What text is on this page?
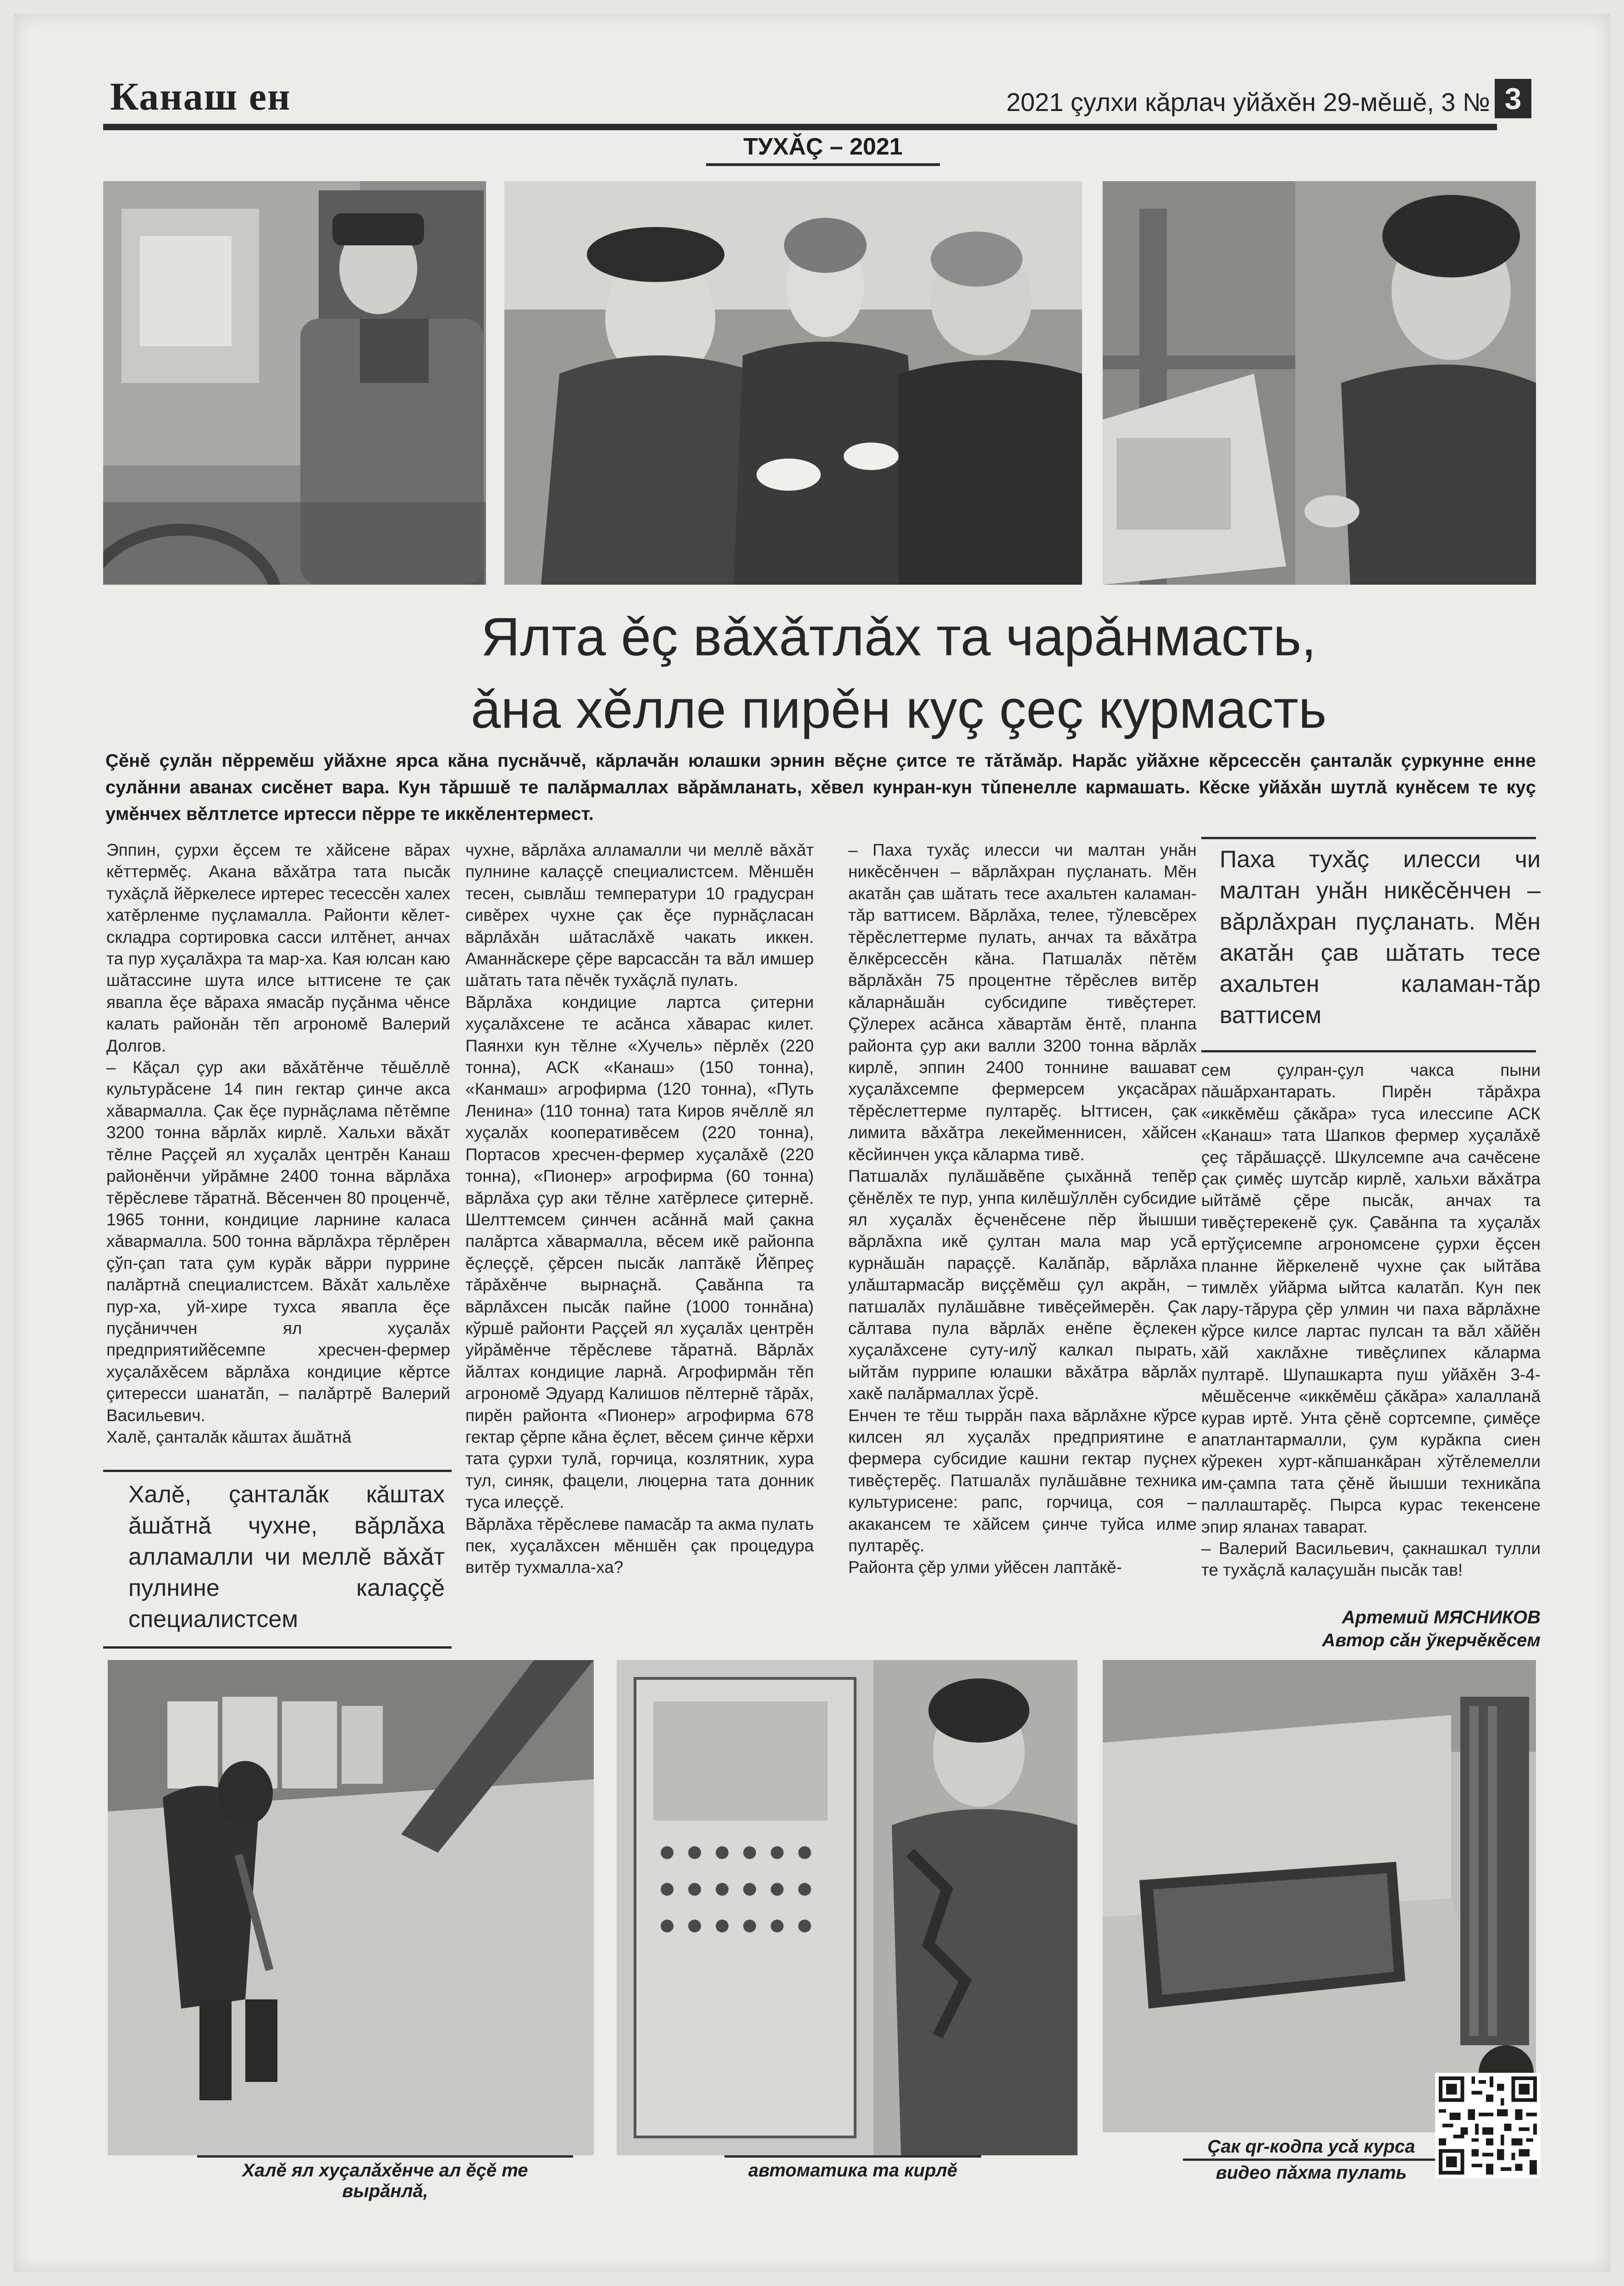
Канаш ен	2021 çулхи кǎрлач уйǎхěн 29-мěшě, 3 № 3
ТУХǍÇ – 2021
Ялта ěç вǎхǎтлǎх та чарǎнмасть,
ǎна хěлле пирěн куç çеç курмасть
Çěнě çулǎн пěрремěш уйǎхне ярса кǎна пуснǎччě, кǎрлачǎн юлашки эрнин вěçне çитсе те тǎтǎмǎр. Нарǎс уйǎхне кěрсессěн çанталǎк çуркунне енне сулǎнни аванах сисěнет вара. Кун тǎршшě те палǎрмаллах вǎрǎмланать, хěвел кунран-кун тǔпенелле кармашать. Кěске уйǎхǎн шутлǎ кунěсем те куç умěнчех вěлтлетсе иртесси пěрре те иккěлентермест.
Эппин, çурхи ěçсем те хǎйсене вǎрах кěттермěç. Акана вǎхǎтра тата пысǎк тухǎçлǎ йěркелесе иртерес тесессěн халех хатěрленме пуçламалла. Районти кěлет-складра сортировка сасси илтěнет, анчах та пур хуçалǎхра та мар-ха. Кая юлсан каю шǎтассине шута илсе ыттисене те çак явапла ěçе вǎраха ямасǎр пуçǎнма чěнсе калать районǎн тěп агрономě Валерий Долгов.
– Кǎçал çур аки вǎхǎтěнче тěшěллě культурǎсене 14 пин гектар çинче акса хǎвармалла. Çак ěçе пурнǎçлама пěтěмпе 3200 тонна вǎрлǎх кирлě. Хальхи вǎхǎт тěлне Раççей ял хуçалǎх центрěн Канаш районěнчи уйрǎмне 2400 тонна вǎрлǎха тěрěслеве тǎратнǎ. Вěсенчен 80 проценчě, 1965 тонни, кондицие ларнине каласа хǎвармалла. 500 тонна вǎрлǎхра тěрлěрен çўп-çап тата çум курǎк вǎрри пуррине палǎртнǎ специалистсем. Вǎхǎт хальлěхе пур-ха, уй-хире тухса явапла ěçе пуçǎниччен ял хуçалǎх предприятийěсемпе хресчен-фермер хуçалǎхěсем вǎрлǎха кондицие кěртсе çитересси шанатǎп, – палǎртрě Валерий Васильевич.
Халě, çанталǎк кǎштах ǎшǎтнǎ
чухне, вǎрлǎха алламалли чи меллě вǎхǎт пулнине калаççě специалистсем. Мěншěн тесен, сывлǎш температури 10 градусран сивěрех чухне çак ěçе пурнǎçласан вǎрлǎхǎн шǎтаслǎхě чакать иккен. Аманнǎскере çěре варсассǎн та вǎл имшер шǎтать тата пěчěк тухǎçлǎ пулать.
Вǎрлǎха кондицие лартса çитерни хуçалǎхсене те асǎнса хǎварас килет. Паянхи кун тěлне «Хучель» пěрлěх (220 тонна), АСК «Канаш» (150 тонна), «Канмаш» агрофирма (120 тонна), «Путь Ленина» (110 тонна) тата Киров ячěллě ял хуçалǎх кооперативěсем (220 тонна), Портасов хресчен-фермер хуçалǎхě (220 тонна), «Пионер» агрофирма (60 тонна) вǎрлǎха çур аки тěлне хатěрлесе çитернě. Шелттемсем çинчен асǎннǎ май çакна палǎртса хǎвармалла, вěсем икě районпа ěçлеççě, çěрсен пысǎк лаптǎкě Йěпреç тǎрǎхěнче вырнаçнǎ. Çавǎнпа та вǎрлǎхсен пысǎк пайне (1000 тоннǎна) кўршě районти Раççей ял хуçалǎх центрěн уйрǎмěнче тěрěслеве тǎратнǎ. Вǎрлǎх йǎлтах кондицие ларнǎ. Агрофирмǎн тěп агрономě Эдуард Калишов пěлтернě тǎрǎх, пирěн районта «Пионер» агрофирма 678 гектар çěрпе кǎна ěçлет, вěсем çинче кěрхи тата çурхи тулǎ, горчица, козлятник, хура тул, синяк, фацели, люцерна тата донник туса илеççě.
Вǎрлǎха тěрěслеве памасǎр та акма пулать пек, хуçалǎхсен мěншěн çак процедура витěр тухмалла-ха?
– Паха тухǎç илесси чи малтан унǎн никěсěнчен – вǎрлǎхран пуçланать. Мěн акатǎн çав шǎтать тесе ахальтен каламан-тǎр ваттисем. Вǎрлǎха, телее, тўлевсěрех тěрěслеттерме пулать, анчах та вǎхǎтра ěлкěрсессěн кǎна. Патшалǎх пěтěм вǎрлǎхǎн 75 процентне тěрěслев витěр кǎларнǎшǎн субсидипе тивěçтерет. Çўлерех асǎнса хǎвартǎм ěнтě, планпа районта çур аки валли 3200 тонна вǎрлǎх кирлě, эппин 2400 тоннине вашават хуçалǎхсемпе фермерсем укçасǎрах тěрěслеттерме пултарěç. Ыттисен, çак лимита вǎхǎтра лекейменнисен, хǎйсен кěсйинчен укçа кǎларма тивě.
Патшалǎх пулǎшǎвěпе çыхǎннǎ тепěр çěнěлěх те пур, унпа килěшўллěн субсидие ял хуçалǎх ěçченěсене пěр йышши вǎрлǎхпа икě çултан мала мар усǎ курнǎшǎн параççě. Калǎпǎр, вǎрлǎха улǎштармасǎр виççěмěш çул акрǎн, – патшалǎх пулǎшǎвне тивěçеймерěн. Çак сǎлтава пула вǎрлǎх енěпе ěçлекен хуçалǎхсене суту-илў калкал пырать, ыйтǎм пуррипе юлашки вǎхǎтра вǎрлǎх хакě палǎрмаллах ўсрě.
Енчен те тěш тыррǎн паха вǎрлǎхне кўрсе килсен ял хуçалǎх предприятине е фермера субсидие кашни гектар пуçнех тивěçтерěç. Патшалǎх пулǎшǎвне техника культурисене: рапс, горчица, соя – акакансем те хǎйсем çинче туйса илме пултарěç.
Районта çěр улми уйěсен лаптǎкě-
Паха тухǎç илесси чи малтан унǎн никěсěнчен – вǎрлǎхран пуçланать. Мěн акатǎн çав шǎтать тесе ахальтен каламан-тǎр ваттисем
сем çулран-çул чакса пыни пǎшǎрхантарать. Пирěн тǎрǎхра «иккěмěш çǎкǎра» туса илессипе АСК «Канаш» тата Шапков фермер хуçалǎхě çеç тǎрǎшаççě. Шкулсемпе ача сачěсене çак çимěç шутсǎр кирлě, хальхи вǎхǎтра ыйтǎмě çěре пысǎк, анчах та тивěçтерекенě çук. Çавǎнпа та хуçалǎх ертўçисемпе агрономсене çурхи ěçсен планне йěркеленě чухне çак ыйтǎва тимлěх уйǎрма ыйтса калатǎп. Кун пек лару-тǎрура çěр улмин чи паха вǎрлǎхне кўрсе килсе лартас пулсан та вǎл хǎйěн хǎй хаклǎхне тивěçлипех кǎларма пултарě. Шупашкарта пуш уйǎхěн 3-4-мěшěсенче «иккěмěш çǎкǎра» халалланǎ курав иртě. Унта çěнě сортсемпе, çимěçе апатлантармалли, çум курǎкпа сиен кўрекен хурт-кǎпшанкǎран хўтěлемелли им-çампа тата çěнě йышши техникǎпа паллаштарěç. Пырса курас текенсене эпир яланах таварат.
– Валерий Васильевич, çакнашкал тулли те тухǎçлǎ калаçушǎн пысǎк тав!
Халě, çанталǎк кǎштах ǎшǎтнǎ чухне, вǎрлǎха алламалли чи меллě вǎхǎт пулнине калаççě специалистсем	Артемий МЯСНИКОВ
Автор сǎн ўкерчěкěсем
Халě ял хуçалǎхěнче ал ěçě те вырǎнлǎ,
автоматика та кирлě
Çак qr-кодпа усǎ курса
видео пǎхма пулать
